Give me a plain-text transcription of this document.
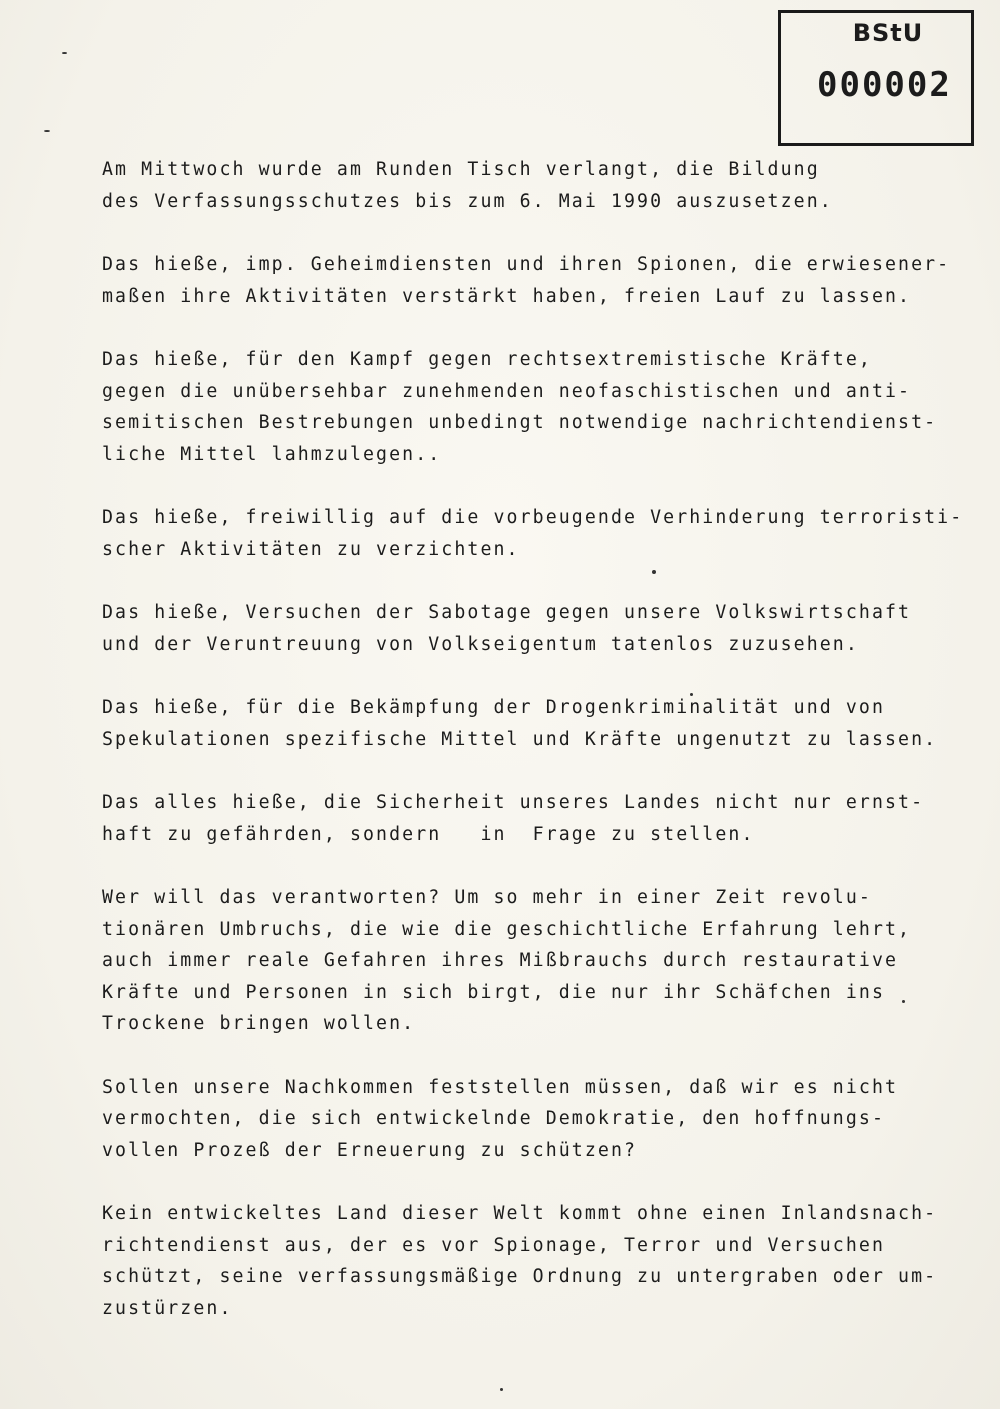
BStU
000002
Am Mittwoch wurde am Runden Tisch verlangt, die Bildung
des Verfassungsschutzes bis zum 6. Mai 1990 auszusetzen.
Das hieße, imp. Geheimdiensten und ihren Spionen, die erwiesener-
maßen ihre Aktivitäten verstärkt haben, freien Lauf zu lassen.
Das hieße, für den Kampf gegen rechtsextremistische Kräfte,
gegen die unübersehbar zunehmenden neofaschistischen und anti-
semitischen Bestrebungen unbedingt notwendige nachrichtendienst-
liche Mittel lahmzulegen..
Das hieße, freiwillig auf die vorbeugende Verhinderung terroristi-
scher Aktivitäten zu verzichten.
Das hieße, Versuchen der Sabotage gegen unsere Volkswirtschaft
und der Veruntreuung von Volkseigentum tatenlos zuzusehen.
Das hieße, für die Bekämpfung der Drogenkriminalität und von
Spekulationen spezifische Mittel und Kräfte ungenutzt zu lassen.
Das alles hieße, die Sicherheit unseres Landes nicht nur ernst-
haft zu gefährden, sondern   in  Frage zu stellen.
Wer will das verantworten? Um so mehr in einer Zeit revolu-
tionären Umbruchs, die wie die geschichtliche Erfahrung lehrt,
auch immer reale Gefahren ihres Mißbrauchs durch restaurative
Kräfte und Personen in sich birgt, die nur ihr Schäfchen ins
Trockene bringen wollen.
Sollen unsere Nachkommen feststellen müssen, daß wir es nicht
vermochten, die sich entwickelnde Demokratie, den hoffnungs-
vollen Prozeß der Erneuerung zu schützen?
Kein entwickeltes Land dieser Welt kommt ohne einen Inlandsnach-
richtendienst aus, der es vor Spionage, Terror und Versuchen
schützt, seine verfassungsmäßige Ordnung zu untergraben oder um-
zustürzen.
